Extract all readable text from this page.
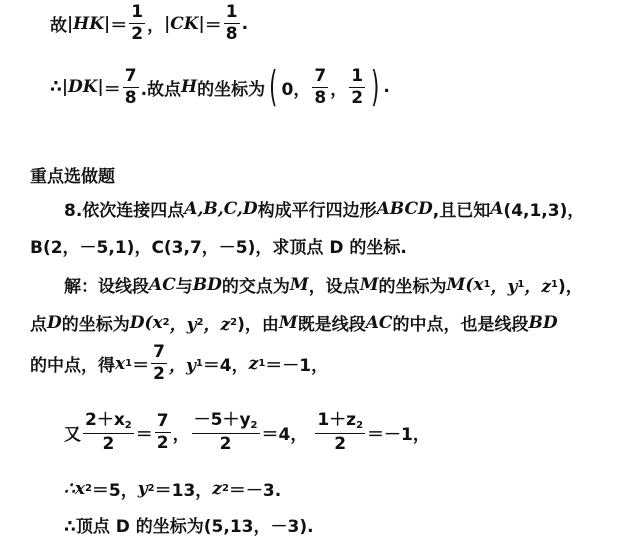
故 $|HK| = \frac{1}{2}$ ， $|CK| = \frac{1}{8}$ .
∴ $|DK| = \frac{7}{8}$ .故点 H 的坐标为 ( 0， $\frac{7}{8}$ ， $\frac{1}{2}$ ) .
重点选做题
8.依次连接四点 A,B,C,D 构成平行四边形 ABCD ,且已知 A (4,1,3)，
B(2，－5,1)，C(3,7，－5)，求顶点 D 的坐标.
解：设线段 AC 与 BD 的交点为 M ，设点 M 的坐标为 M(x 1 ，y 1 ，z 1 )，
点 D 的坐标为 D(x 2 ，y 2 ，z 2 )，由 M 既是线段 AC 的中点，也是线段 BD
的中点，得 x $1 = \frac{7}{2}$ ，y 1 ＝4， z 1 ＝－1，
又 $\frac{2+x_2}{2} = \frac{7}{2}$ ， $\frac{-5+y_2}{2} =4$， $\frac{1+z_2}{2} =-1$，
∴x 2 ＝5， y 2 ＝13， z 2 ＝－3.
∴顶点 D 的坐标为(5,13，－3).
